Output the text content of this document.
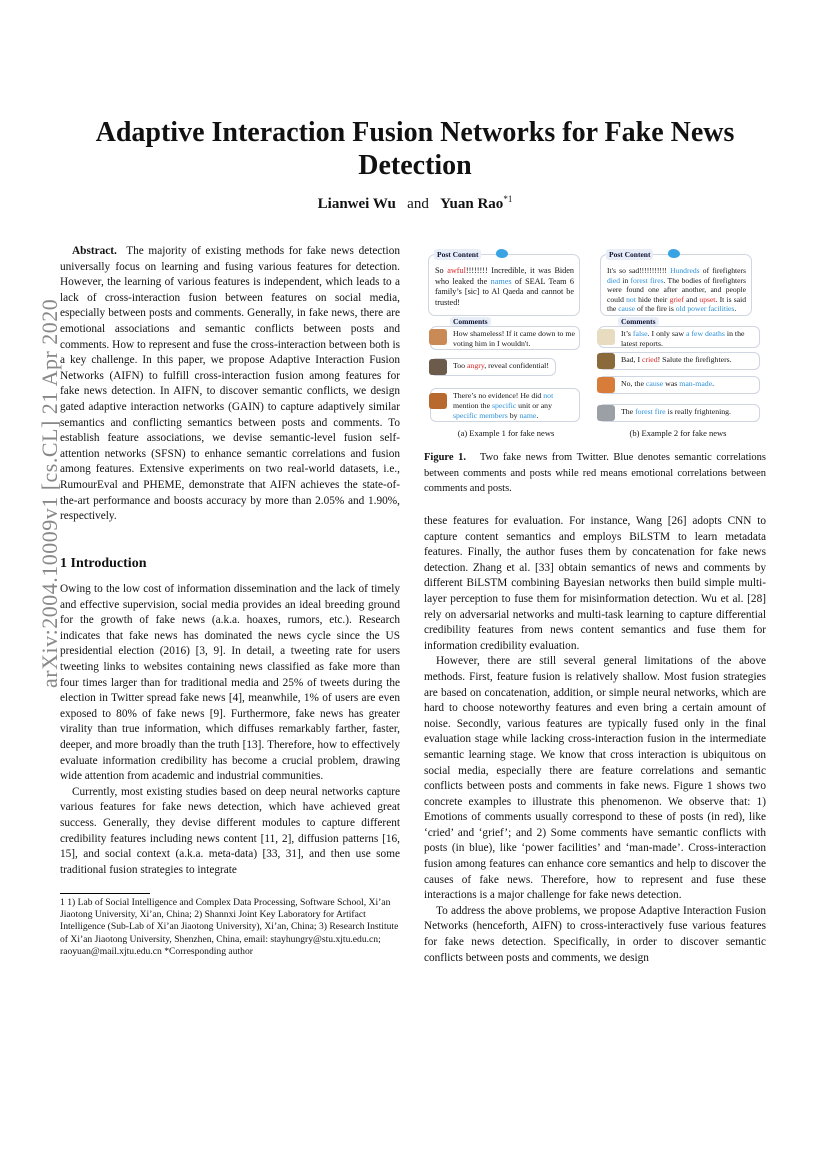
arXiv:2004.10009v1 [cs.CL] 21 Apr 2020
Adaptive Interaction Fusion Networks for Fake News Detection
Lianwei Wu and Yuan Rao$^{*1}$

Abstract. The majority of existing methods for fake news detection universally focus on learning and fusing various features for detection. However, the learning of various features is independent, which leads to a lack of cross-interaction fusion between features on social media, especially between posts and comments. Generally, in fake news, there are emotional associations and semantic conflicts between posts and comments. How to represent and fuse the cross-interaction between both is a key challenge. In this paper, we propose Adaptive Interaction Fusion Networks (AIFN) to fulfill cross-interaction fusion among features for fake news detection. In AIFN, to discover semantic conflicts, we design gated adaptive interaction networks (GAIN) to capture adaptively similar semantics and conflicting semantics between posts and comments. To establish feature associations, we devise semantic-level fusion self-attention networks (SFSN) to enhance semantic correlations and fusion among features. Extensive experiments on two real-world datasets, i.e., RumourEval and PHEME, demonstrate that AIFN achieves the state-of-the-art performance and boosts accuracy by more than 2.05% and 1.90%, respectively.

1 Introduction

Owing to the low cost of information dissemination and the lack of timely and effective supervision, social media provides an ideal breeding ground for the growth of fake news (a.k.a. hoaxes, rumors, etc.). Research indicates that fake news has dominated the news cycle since the US presidential election (2016) [3, 9]. In detail, a tweeting rate for users tweeting links to websites containing news classified as fake more than four times larger than for traditional media and 25% of tweets during the election in Twitter spread fake news [4], meanwhile, 1% of users are even exposed to 80% of fake news [9]. Furthermore, fake news has greater virality than true information, which diffuses remarkably farther, faster, deeper, and more broadly than the truth [13]. Therefore, how to effectively evaluate information credibility has become a crucial problem, drawing wide attention from academic and industrial communities.

Currently, most existing studies based on deep neural networks capture various features for fake news detection, which have achieved great success. Generally, they devise different modules to capture different credibility features including news content [11, 2], diffusion patterns [16, 15], and social context (a.k.a. meta-data) [33, 31], and then use some traditional fusion strategies to integrate

1 1) Lab of Social Intelligence and Complex Data Processing, Software School, Xi’an Jiaotong University, Xi’an, China; 2) Shannxi Joint Key Laboratory for Artifact Intelligence (Sub-Lab of Xi’an Jiaotong University), Xi’an, China; 3) Research Institute of Xi’an Jiaotong University, Shenzhen, China, email: stayhungry@stu.xjtu.edu.cn; raoyuan@mail.xjtu.edu.cn *Corresponding author
So awful!!!!!!!! Incredible, it was Biden who leaked the names of SEAL Team 6 family’s [sic] to Al Qaeda and cannot be trusted!
Post Content
Comments
How shameless! If it came down to me voting him in I wouldn't.
Too angry, reveal confidential!
There’s no evidence! He did not mention the specific unit or any specific members by name.
(a) Example 1 for fake news
It's so sad!!!!!!!!!!! Hundreds of firefighters died in forest fires. The bodies of firefighters were found one after another, and people could not hide their grief and upset. It is said the cause of the fire is old power facilities.
Post Content
Comments
It’s false. I only saw a few deaths in the latest reports.
Bad, I cried! Salute the firefighters.
No, the cause was man-made.
The forest fire is really frightening.
(b) Example 2 for fake news
Figure 1. Two fake news from Twitter. Blue denotes semantic correlations between comments and posts while red means emotional correlations between comments and posts.

these features for evaluation. For instance, Wang [26] adopts CNN to capture content semantics and employs BiLSTM to learn metadata features. Finally, the author fuses them by concatenation for fake news detection. Zhang et al. [33] obtain semantics of news and comments by different BiLSTM combining Bayesian networks then build simple multi-layer perception to fuse them for misinformation detection. Wu et al. [28] rely on adversarial networks and multi-task learning to capture differential credibility features from news content semantics and fuse them for information credibility evaluation.

However, there are still several general limitations of the above methods. First, feature fusion is relatively shallow. Most fusion strategies are based on concatenation, addition, or simple neural networks, which are hard to choose noteworthy features and even bring a certain amount of noise. Secondly, various features are typically fused only in the final evaluation stage while lacking cross-interaction fusion in the intermediate semantic learning stage. We know that cross interaction is ubiquitous on social media, especially there are feature correlations and semantic conflicts between posts and comments in fake news. Figure 1 shows two concrete examples to illustrate this phenomenon. We observe that: 1) Emotions of comments usually correspond to these of posts (in red), like ‘cried’ and ‘grief’; and 2) Some comments have semantic conflicts with posts (in blue), like ‘power facilities’ and ‘man-made’. Cross-interaction fusion among features can enhance core semantics and help to discover the causes of fake news. Therefore, how to represent and fuse these interactions is a major challenge for fake news detection.

To address the above problems, we propose Adaptive Interaction Fusion Networks (henceforth, AIFN) to cross-interactively fuse various features for fake news detection. Specifically, in order to discover semantic conflicts between posts and comments, we design
